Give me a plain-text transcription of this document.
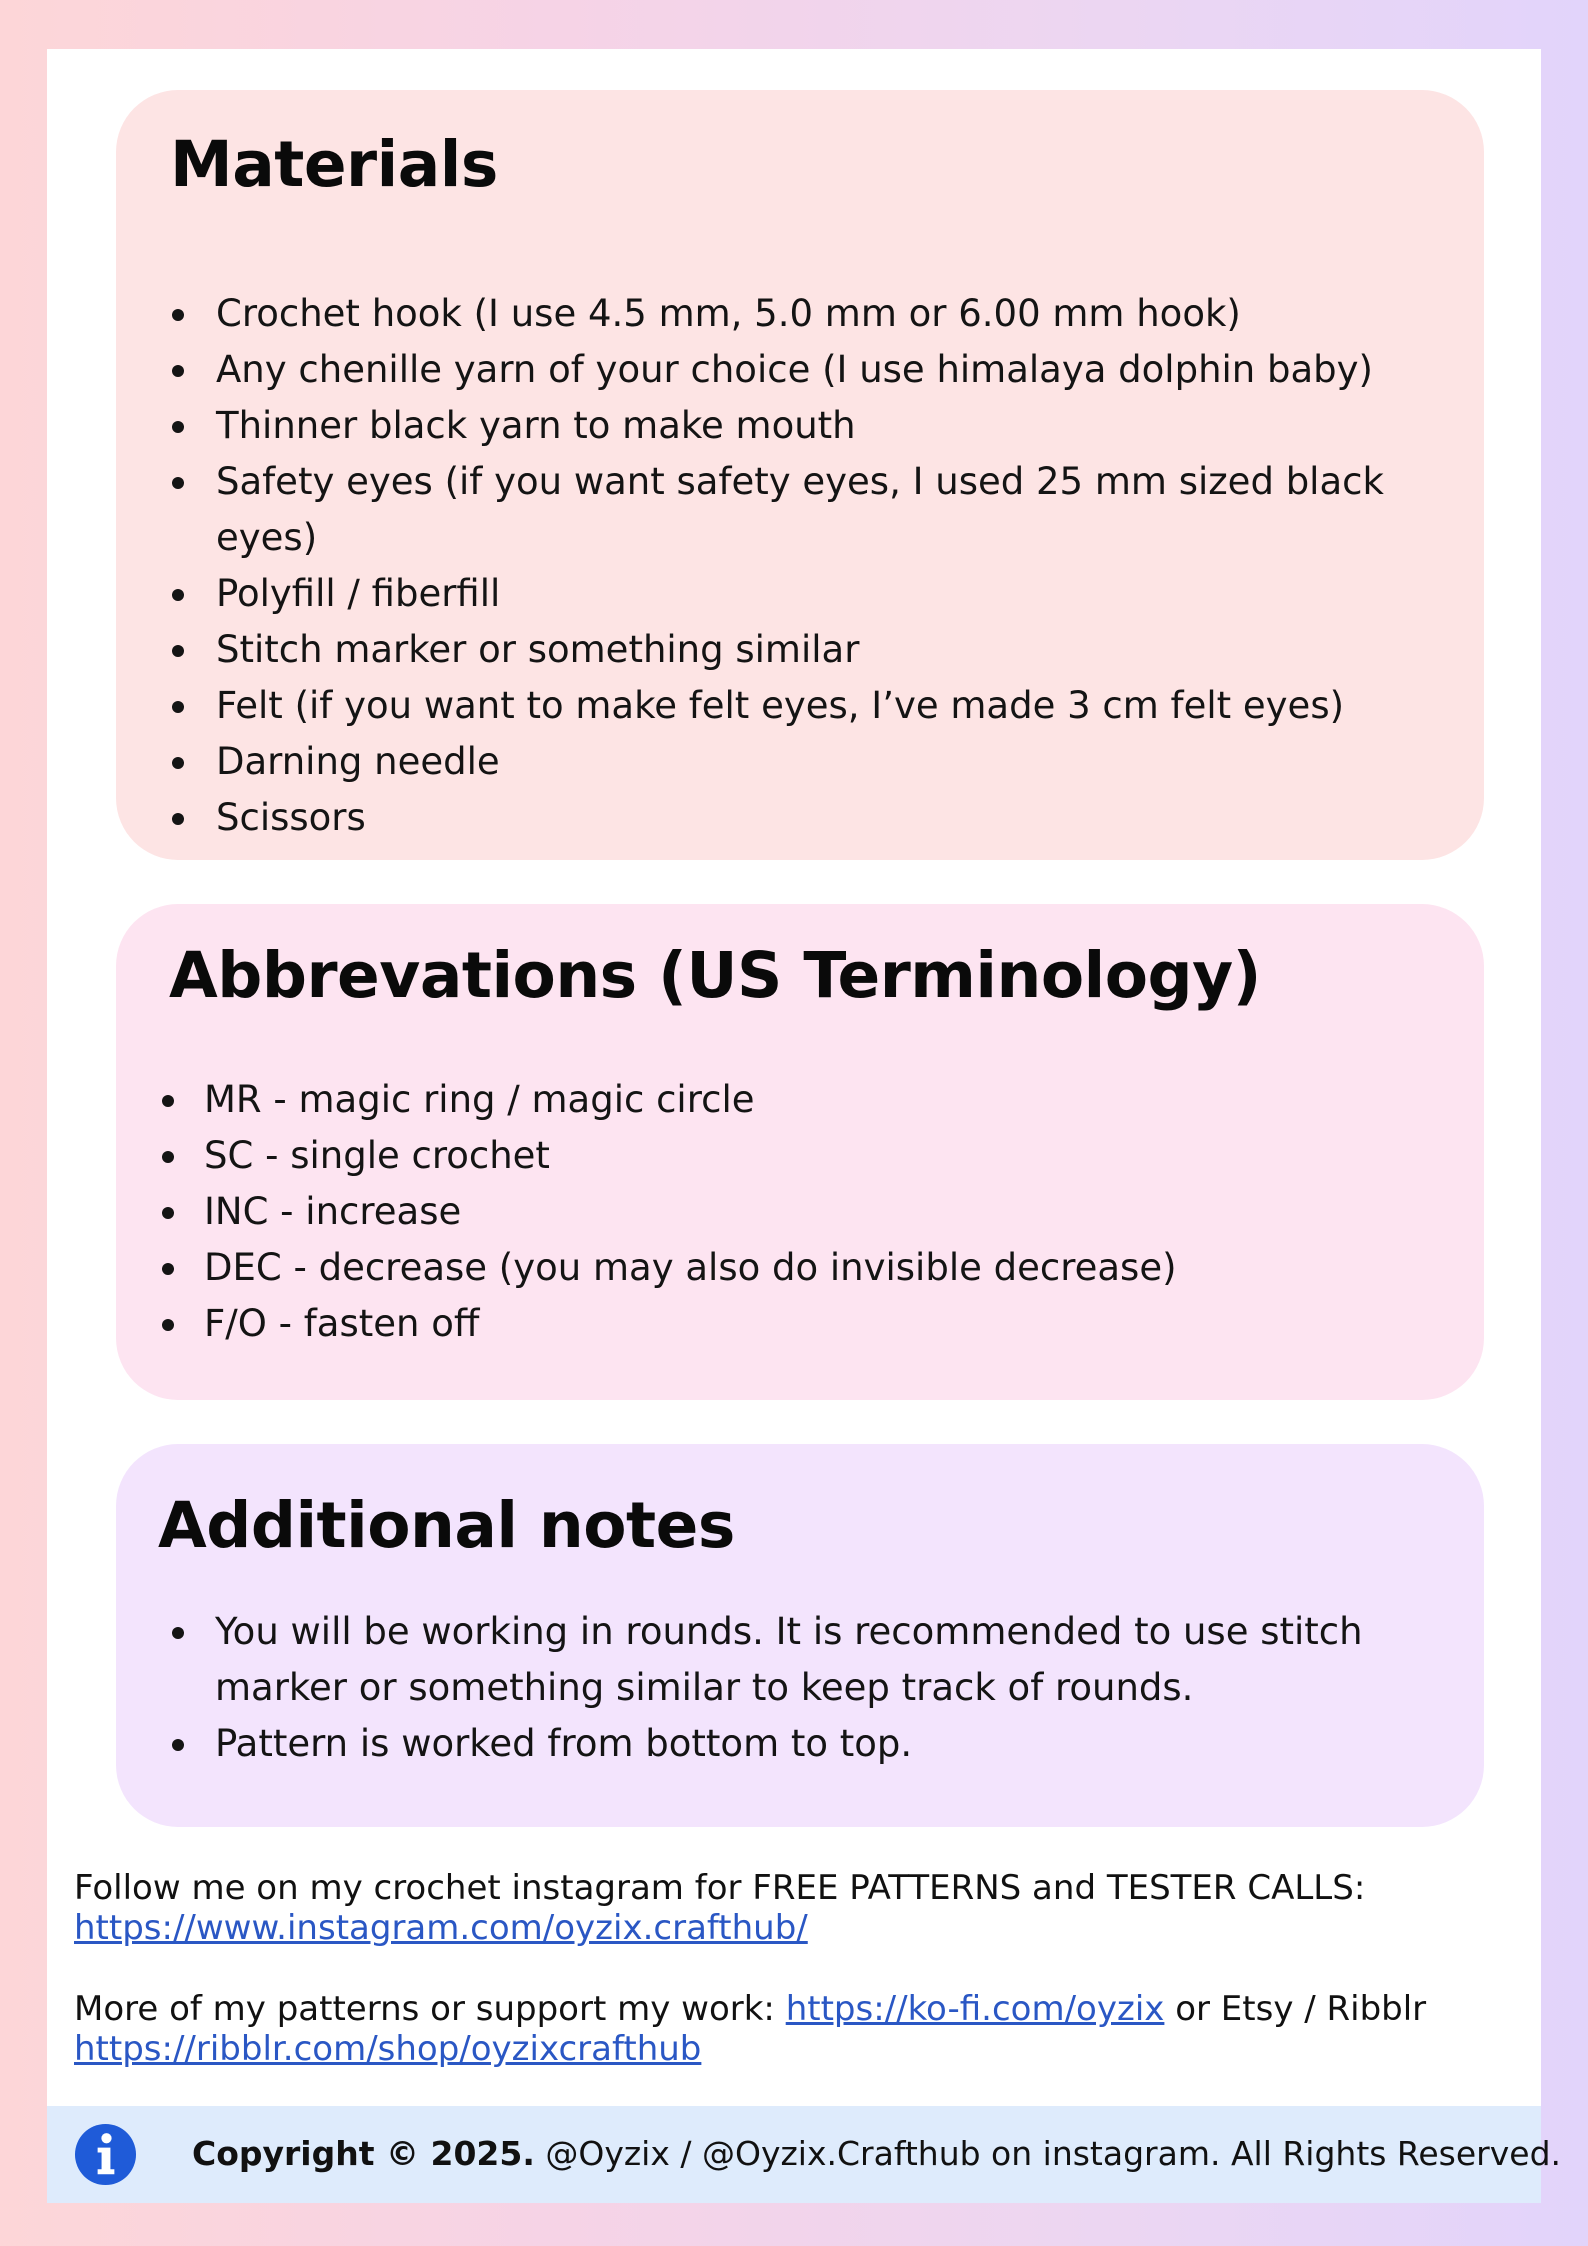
Materials
Crochet hook (I use 4.5 mm, 5.0 mm or 6.00 mm hook)
Any chenille yarn of your choice (I use himalaya dolphin baby)
Thinner black yarn to make mouth
Safety eyes (if you want safety eyes, I used 25 mm sized black eyes)
Polyfill / fiberfill
Stitch marker or something similar
Felt (if you want to make felt eyes, I’ve made 3 cm felt eyes)
Darning needle
Scissors
Abbrevations (US Terminology)
MR - magic ring / magic circle
SC - single crochet
INC - increase
DEC - decrease (you may also do invisible decrease)
F/O - fasten off
Additional notes
You will be working in rounds. It is recommended to use stitch marker or something similar to keep track of rounds.
Pattern is worked from bottom to top.
Follow me on my crochet instagram for FREE PATTERNS and TESTER CALLS:
https://www.instagram.com/oyzix.crafthub/
More of my patterns or support my work: https://ko-fi.com/oyzix or Etsy / Ribblr
https://ribblr.com/shop/oyzixcrafthub
Copyright © 2025. @Oyzix / @Oyzix.Crafthub on instagram. All Rights Reserved.
